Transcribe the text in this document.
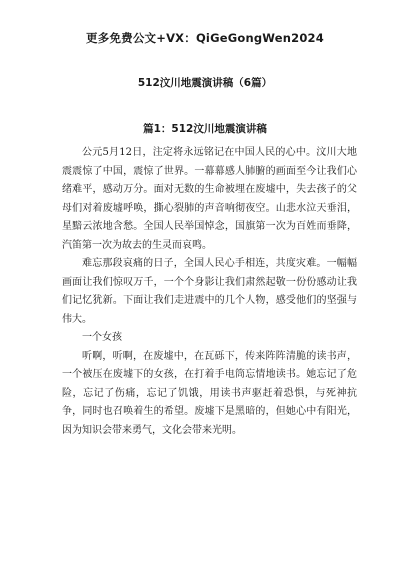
更多免费公文+VX：QiGeGongWen2024
512汶川地震演讲稿（6篇）
篇1：512汶川地震演讲稿

公元5月12日，注定将永远铭记在中国人民的心中。汶川大地震震惊了中国，震惊了世界。一幕幕感人肺腑的画面至今让我们心绪难平，感动万分。面对无数的生命被埋在废墟中，失去孩子的父母们对着废墟呼唤，撕心裂肺的声音响彻夜空。山悲水泣天垂泪，星黯云浓地含愁。全国人民举国悼念，国旗第一次为百姓而垂降，汽笛第一次为故去的生灵而哀鸣。

难忘那段哀痛的日子，全国人民心手相连，共度灾难。一幅幅画面让我们惊叹万千，一个个身影让我们肃然起敬一份份感动让我们记忆犹新。下面让我们走进震中的几个人物，感受他们的坚强与伟大。

一个女孩

听啊，听啊，在废墟中，在瓦砾下，传来阵阵清脆的读书声，一个被压在废墟下的女孩，在打着手电筒忘情地读书。她忘记了危险，忘记了伤痛，忘记了饥饿，用读书声驱赶着恐惧，与死神抗争，同时也召唤着生的希望。废墟下是黑暗的，但她心中有阳光，因为知识会带来勇气，文化会带来光明。
